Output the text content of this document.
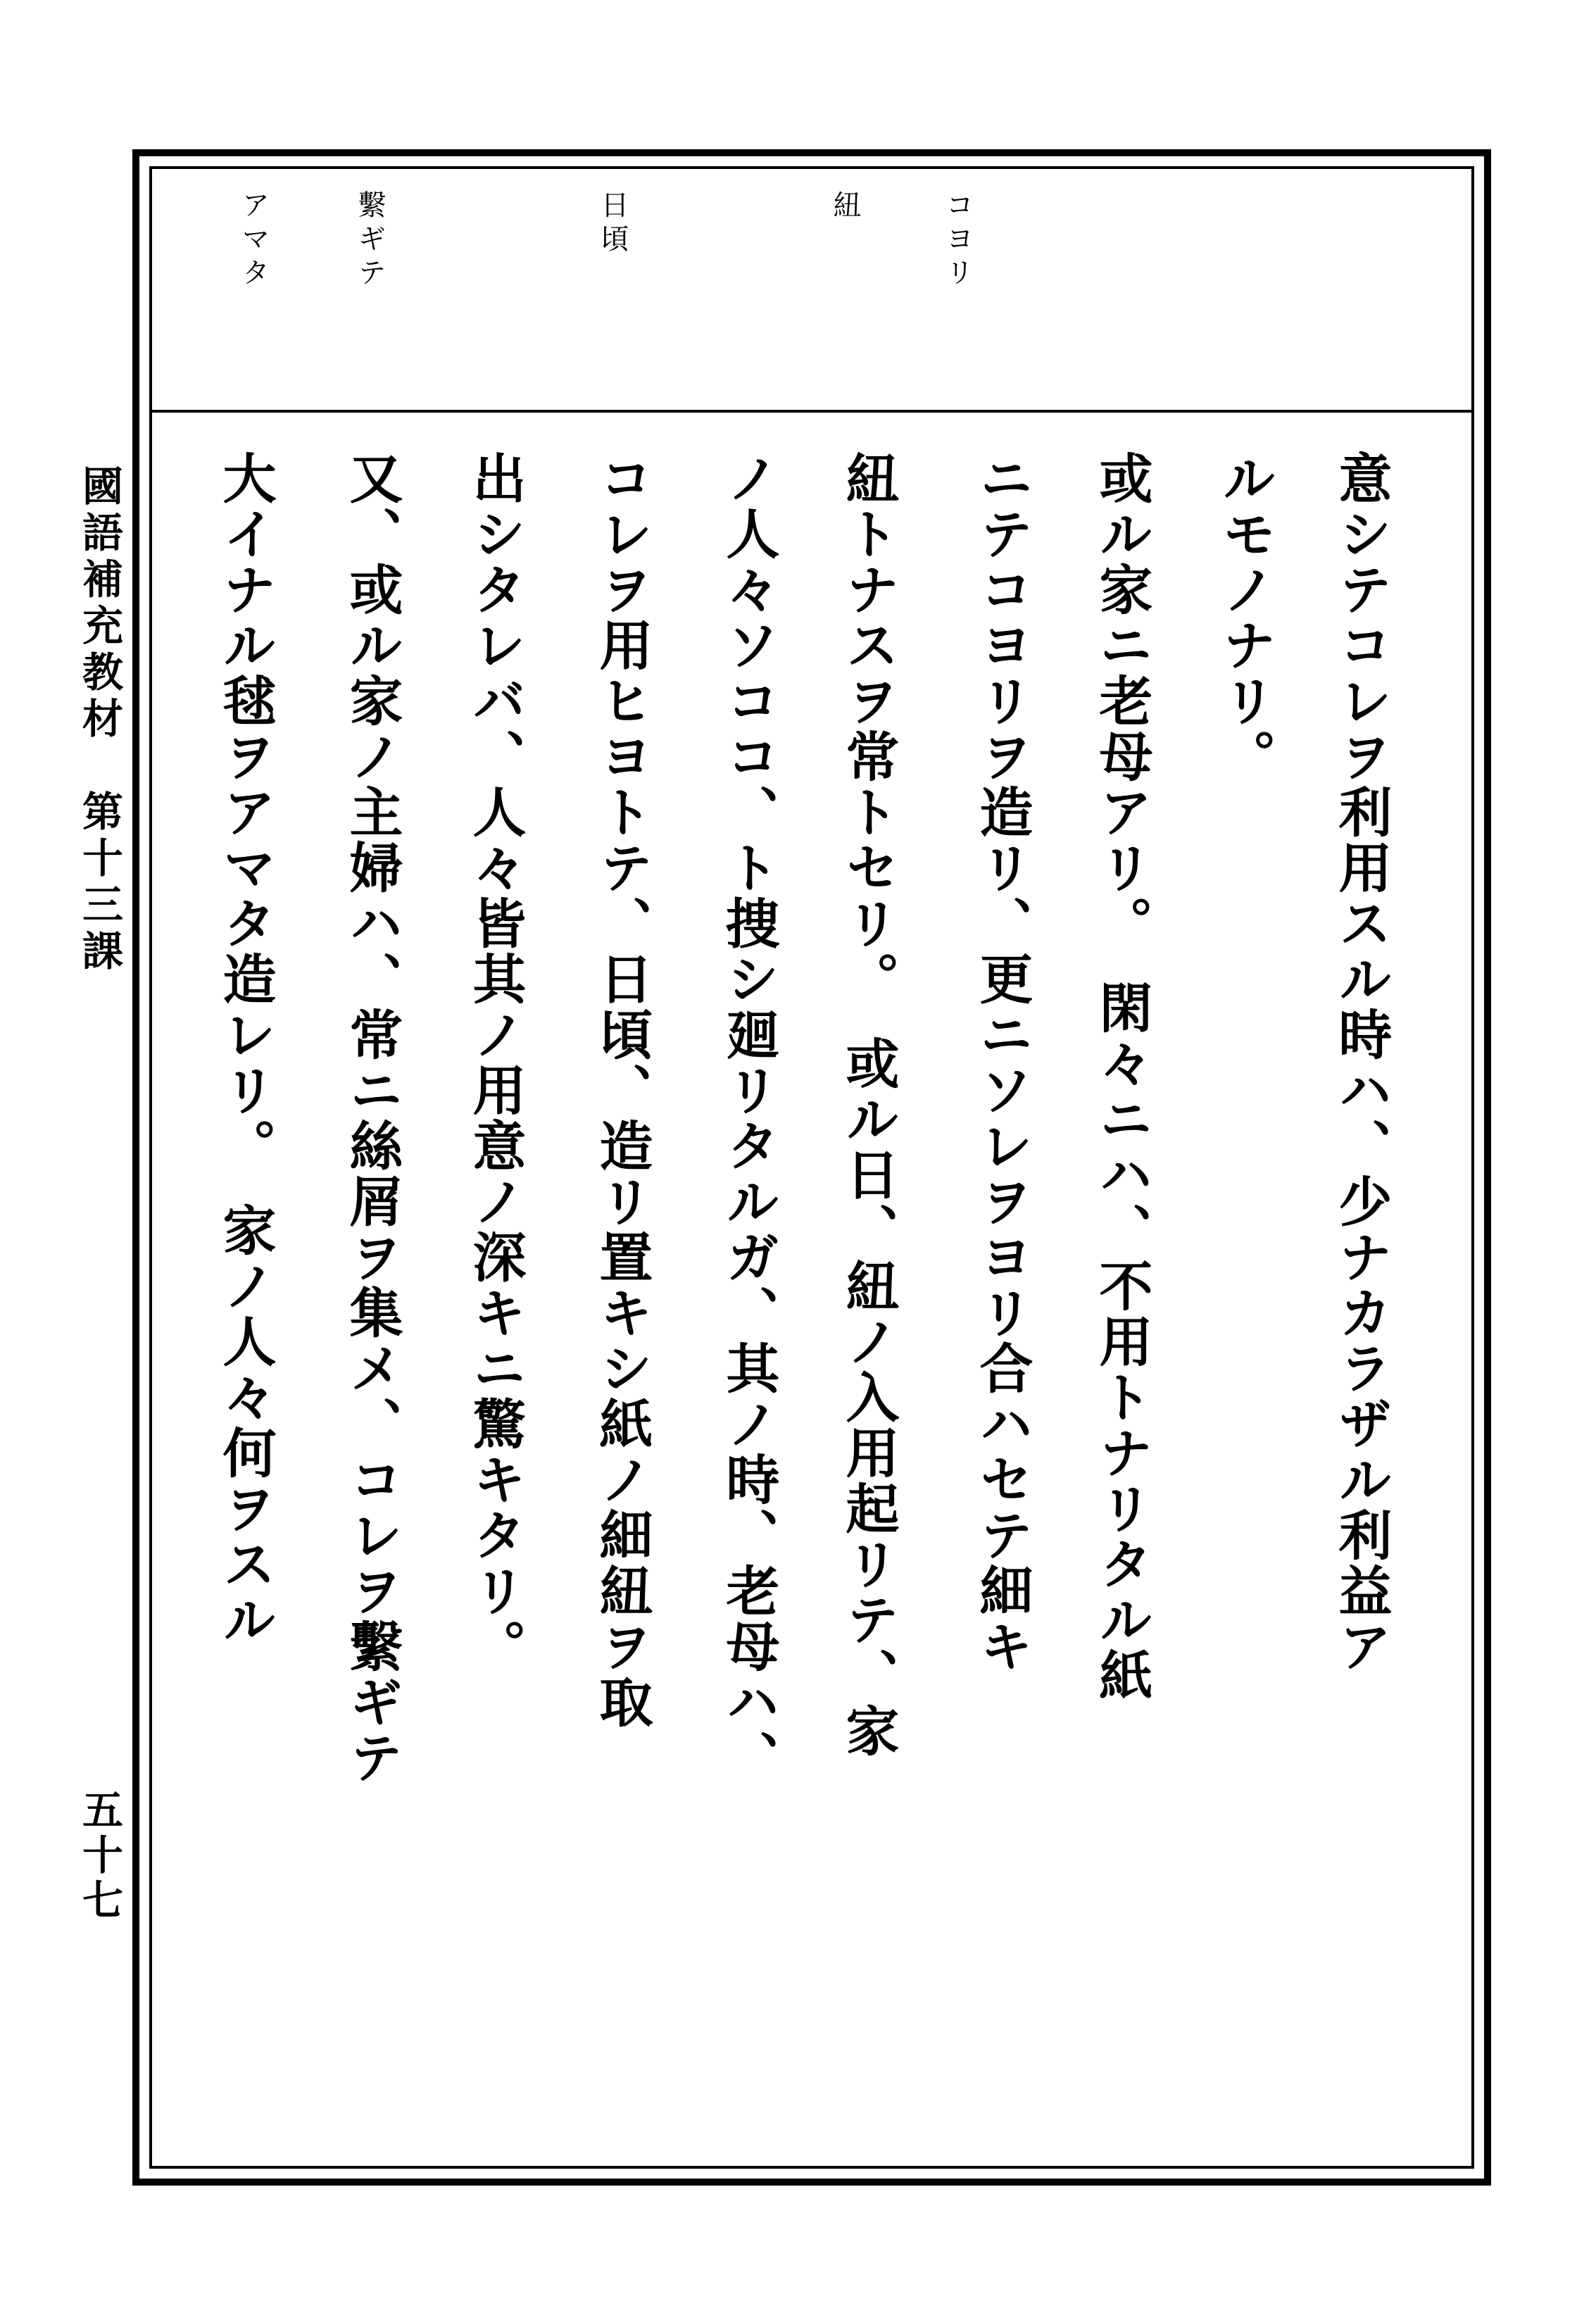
コヨリ
紐
日頃
繫ギテ
アマタ
意シテコレヲ利用スル時ハ、少ナカラザル利益ア
ルモノナリ。
或ル家ニ老母アリ。　閑々ニハ、不用トナリタル紙
ニテコヨリヲ造リ、更ニソレヲヨリ合ハセテ細キ
紐トナスヲ常トセリ。　或ル日、紐ノ入用起リテ、家
ノ人々ソココ、ト捜シ廻リタルガ、其ノ時、老母ハ、
コレヲ用ヒヨトテ、日頃、造リ置キシ紙ノ細紐ヲ取
出シタレバ、人々皆其ノ用意ノ深キニ驚キタリ。
又、或ル家ノ主婦ハ、常ニ絲屑ヲ集メ、コレヲ繫ギテ
大イナル毬ヲアマタ造レリ。　家ノ人々何ヲスル
國語補充教材　第十三課
五十七
